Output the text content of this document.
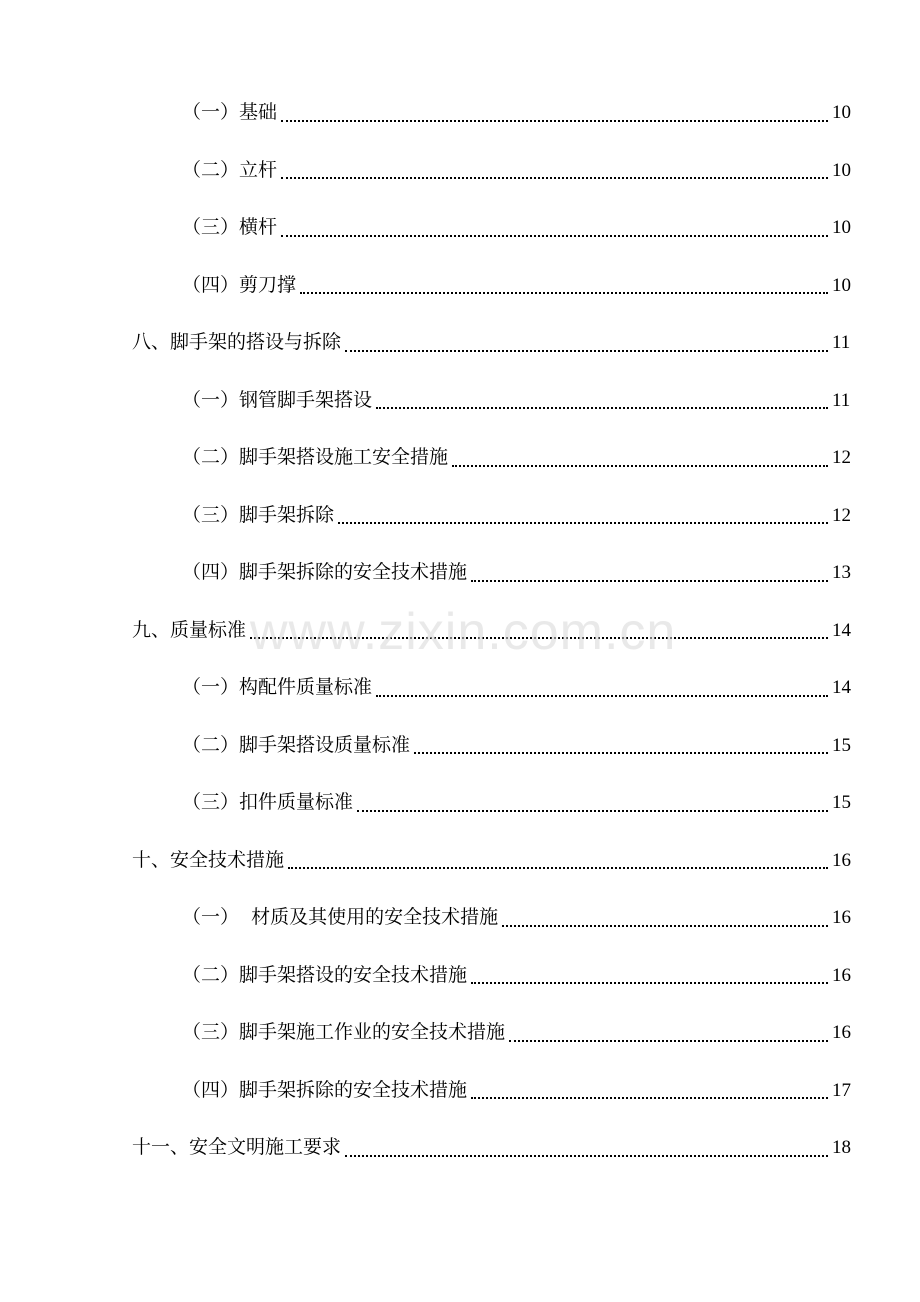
（一）基础	10
（二）立杆	10
（三）横杆	10
（四）剪刀撑	10
八、脚手架的搭设与拆除	11
（一）钢管脚手架搭设	11
（二）脚手架搭设施工安全措施	12
（三）脚手架拆除	12
（四）脚手架拆除的安全技术措施	13
九、质量标准	14
（一）构配件质量标准	14
（二）脚手架搭设质量标准	15
（三）扣件质量标准	15
十、安全技术措施	16
（一）  材质及其使用的安全技术措施	16
（二）脚手架搭设的安全技术措施	16
（三）脚手架施工作业的安全技术措施	16
（四）脚手架拆除的安全技术措施	17
十一、安全文明施工要求	18
www.zixin.com.cn
